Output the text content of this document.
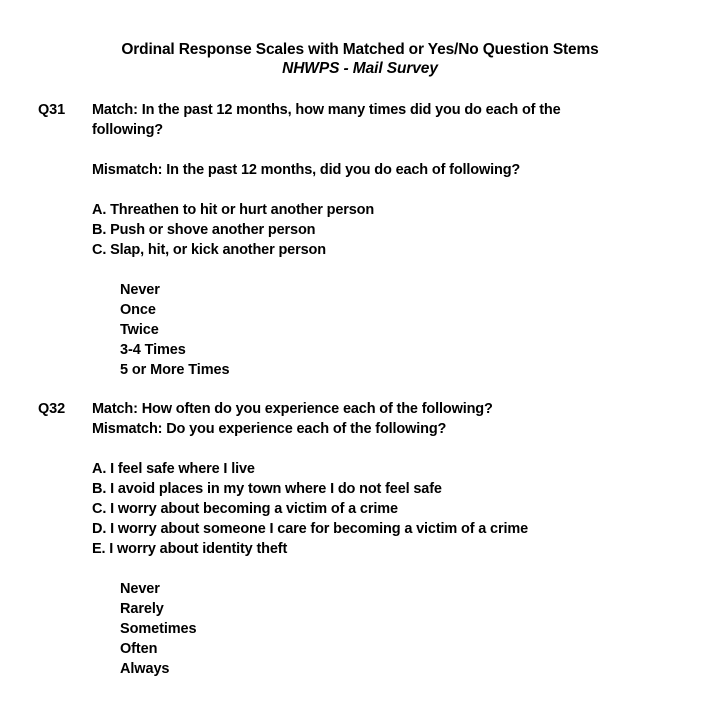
Ordinal Response Scales with Matched or Yes/No Question Stems
NHWPS - Mail Survey
Q31 Match: In the past 12 months, how many times did you do each of the following?
Mismatch: In the past 12 months, did you do each of following?
A. Threathen to hit or hurt another person
B. Push or shove another person
C. Slap, hit, or kick another person
Never
Once
Twice
3-4 Times
5 or More Times
Q32 Match: How often do you experience each of the following?
Mismatch: Do you experience each of the following?
A. I feel safe where I live
B. I avoid places in my town where I do not feel safe
C. I worry about becoming a victim of a crime
D. I worry about someone I care for becoming a victim of a crime
E. I worry about identity theft
Never
Rarely
Sometimes
Often
Always
